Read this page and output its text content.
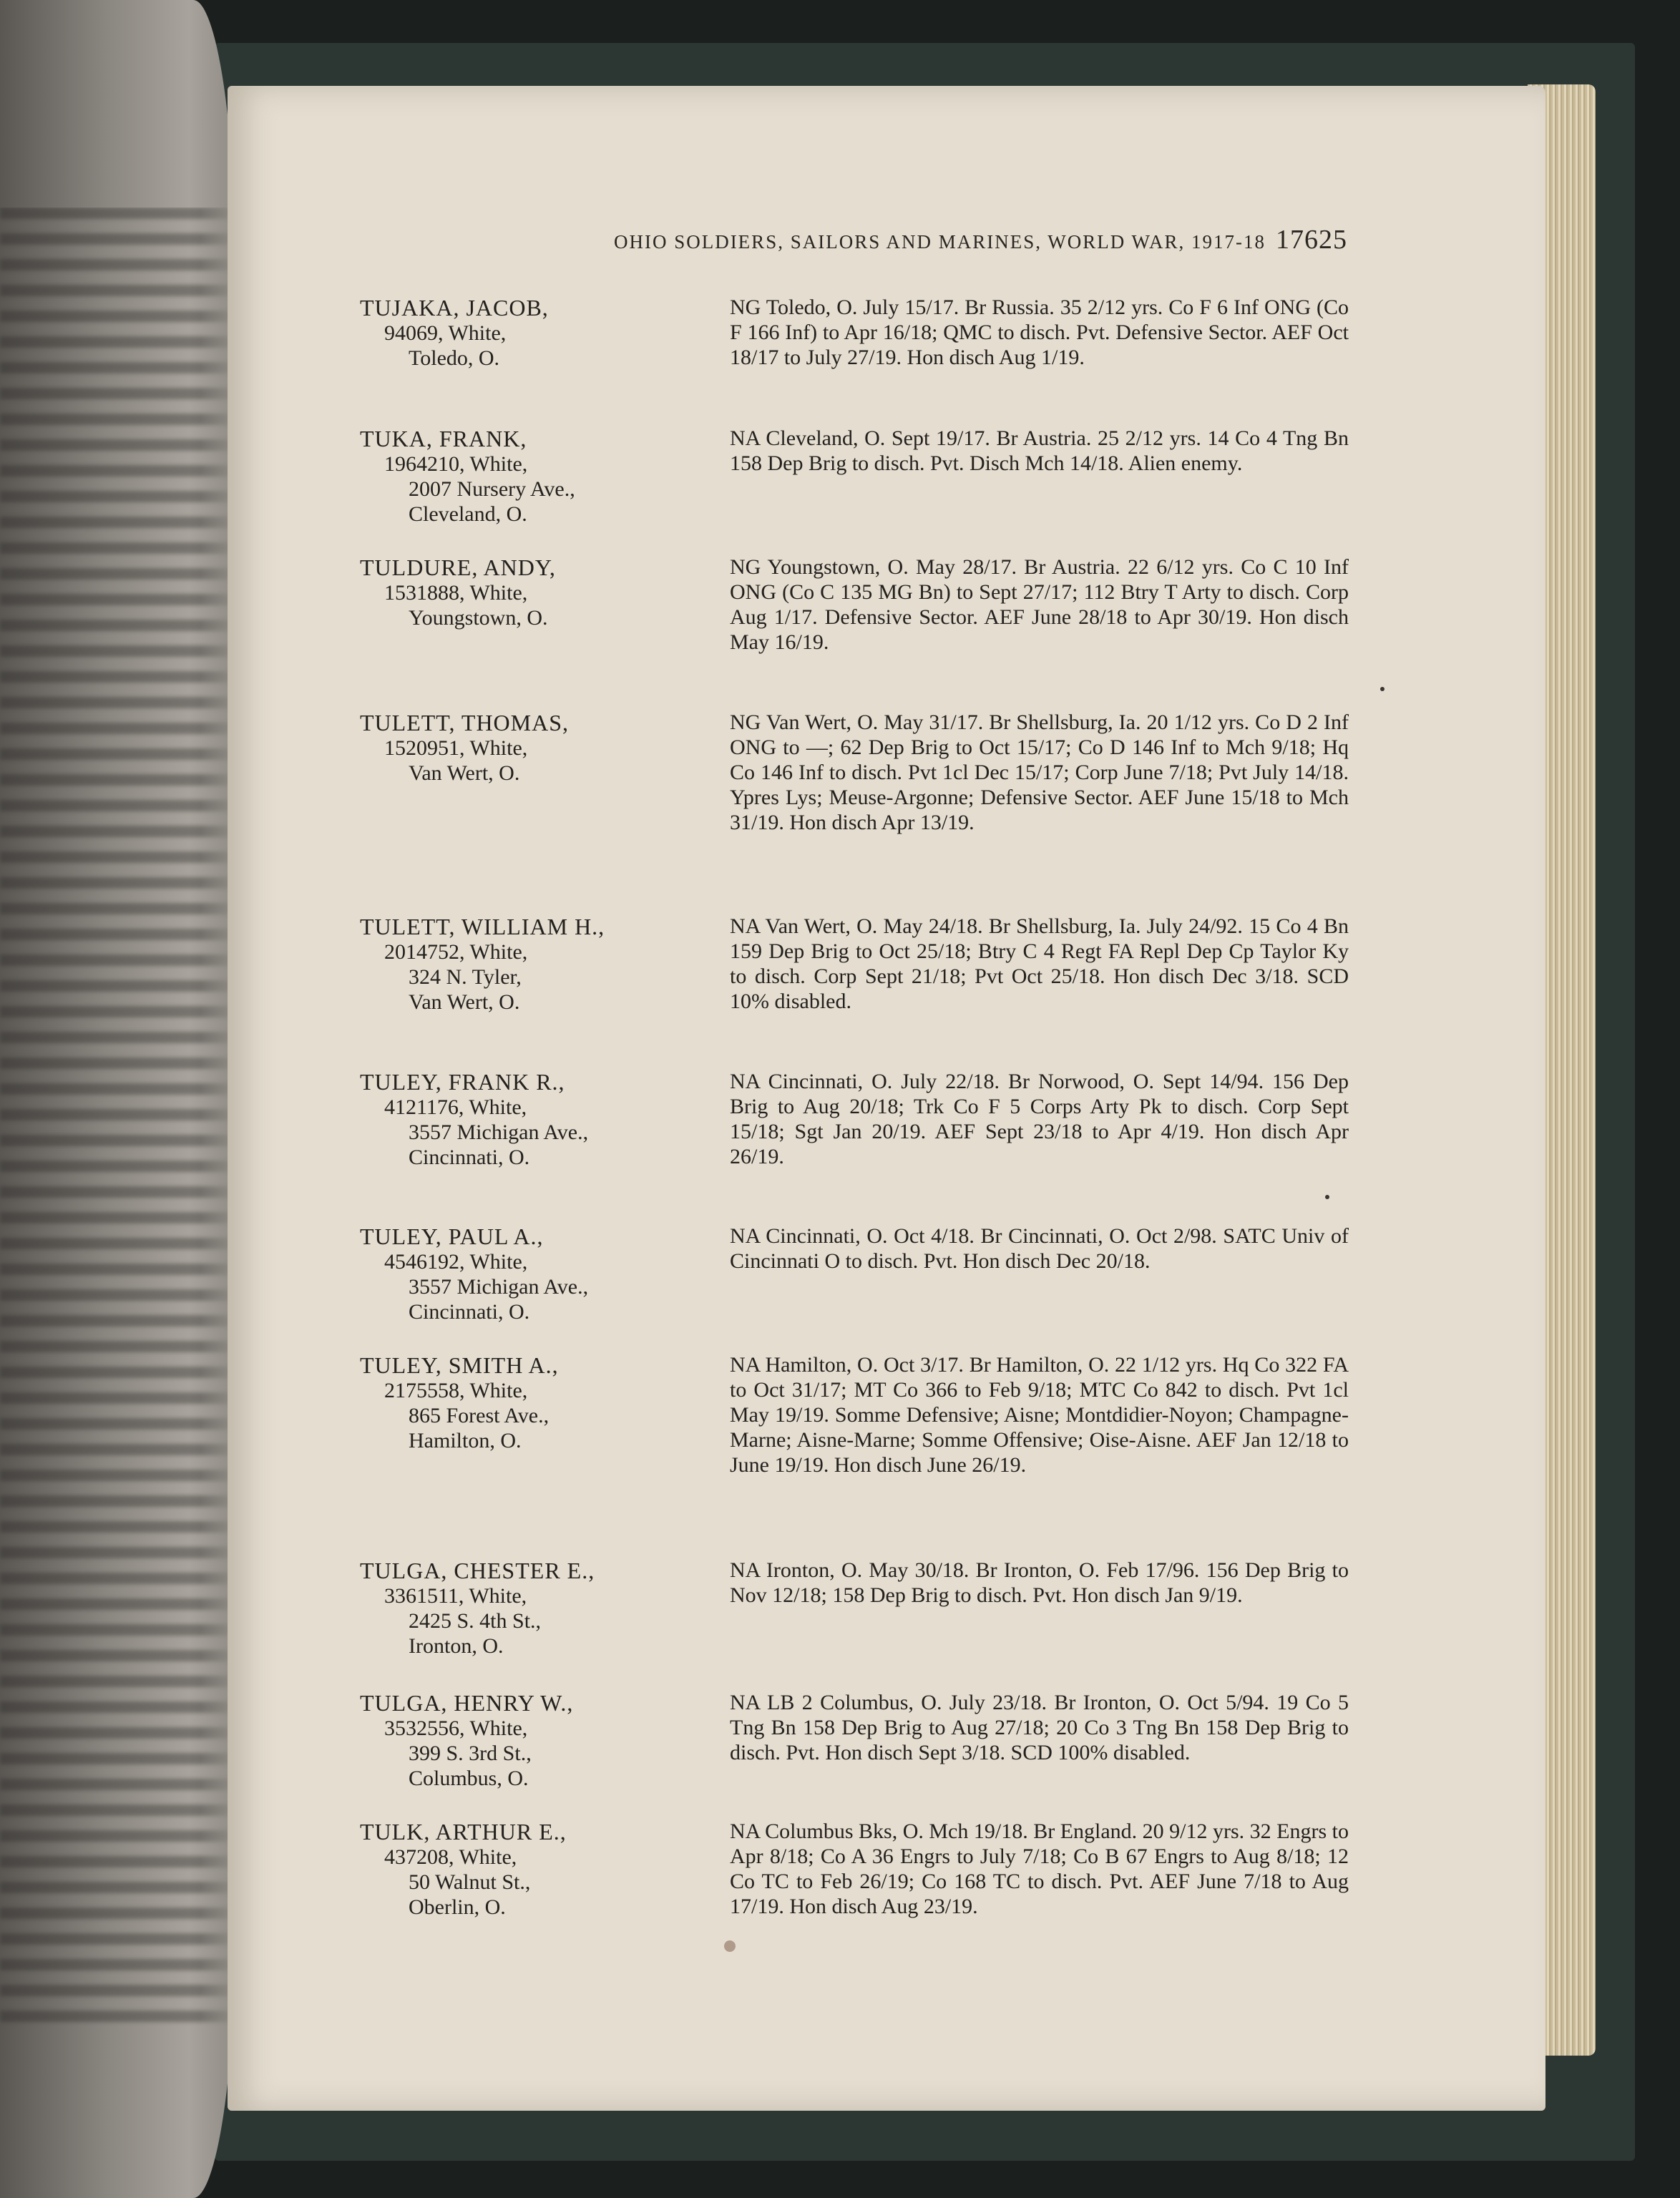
OHIO SOLDIERS, SAILORS AND MARINES, WORLD WAR, 1917-18 17625
TUJAKA, JACOB,
94069, White,
Toledo, O.
NG Toledo, O. July 15/17. Br Russia. 35 2/12 yrs. Co F 6 Inf ONG (Co F 166 Inf) to Apr 16/18; QMC to disch. Pvt. Defensive Sector. AEF Oct 18/17 to July 27/19. Hon disch Aug 1/19.
TUKA, FRANK,
1964210, White,
2007 Nursery Ave.,
Cleveland, O.
NA Cleveland, O. Sept 19/17. Br Austria. 25 2/12 yrs. 14 Co 4 Tng Bn 158 Dep Brig to disch. Pvt. Disch Mch 14/18. Alien enemy.
TULDURE, ANDY,
1531888, White,
Youngstown, O.
NG Youngstown, O. May 28/17. Br Austria. 22 6/12 yrs. Co C 10 Inf ONG (Co C 135 MG Bn) to Sept 27/17; 112 Btry T Arty to disch. Corp Aug 1/17. Defensive Sector. AEF June 28/18 to Apr 30/19. Hon disch May 16/19.
TULETT, THOMAS,
1520951, White,
Van Wert, O.
NG Van Wert, O. May 31/17. Br Shellsburg, Ia. 20 1/12 yrs. Co D 2 Inf ONG to —; 62 Dep Brig to Oct 15/17; Co D 146 Inf to Mch 9/18; Hq Co 146 Inf to disch. Pvt 1cl Dec 15/17; Corp June 7/18; Pvt July 14/18. Ypres Lys; Meuse-Argonne; Defensive Sector. AEF June 15/18 to Mch 31/19. Hon disch Apr 13/19.
TULETT, WILLIAM H.,
2014752, White,
324 N. Tyler,
Van Wert, O.
NA Van Wert, O. May 24/18. Br Shellsburg, Ia. July 24/92. 15 Co 4 Bn 159 Dep Brig to Oct 25/18; Btry C 4 Regt FA Repl Dep Cp Taylor Ky to disch. Corp Sept 21/18; Pvt Oct 25/18. Hon disch Dec 3/18. SCD 10% disabled.
TULEY, FRANK R.,
4121176, White,
3557 Michigan Ave.,
Cincinnati, O.
NA Cincinnati, O. July 22/18. Br Norwood, O. Sept 14/94. 156 Dep Brig to Aug 20/18; Trk Co F 5 Corps Arty Pk to disch. Corp Sept 15/18; Sgt Jan 20/19. AEF Sept 23/18 to Apr 4/19. Hon disch Apr 26/19.
TULEY, PAUL A.,
4546192, White,
3557 Michigan Ave.,
Cincinnati, O.
NA Cincinnati, O. Oct 4/18. Br Cincinnati, O. Oct 2/98. SATC Univ of Cincinnati O to disch. Pvt. Hon disch Dec 20/18.
TULEY, SMITH A.,
2175558, White,
865 Forest Ave.,
Hamilton, O.
NA Hamilton, O. Oct 3/17. Br Hamilton, O. 22 1/12 yrs. Hq Co 322 FA to Oct 31/17; MT Co 366 to Feb 9/18; MTC Co 842 to disch. Pvt 1cl May 19/19. Somme Defensive; Aisne; Montdidier-Noyon; Champagne-Marne; Aisne-Marne; Somme Offensive; Oise-Aisne. AEF Jan 12/18 to June 19/19. Hon disch June 26/19.
TULGA, CHESTER E.,
3361511, White,
2425 S. 4th St.,
Ironton, O.
NA Ironton, O. May 30/18. Br Ironton, O. Feb 17/96. 156 Dep Brig to Nov 12/18; 158 Dep Brig to disch. Pvt. Hon disch Jan 9/19.
TULGA, HENRY W.,
3532556, White,
399 S. 3rd St.,
Columbus, O.
NA LB 2 Columbus, O. July 23/18. Br Ironton, O. Oct 5/94. 19 Co 5 Tng Bn 158 Dep Brig to Aug 27/18; 20 Co 3 Tng Bn 158 Dep Brig to disch. Pvt. Hon disch Sept 3/18. SCD 100% disabled.
TULK, ARTHUR E.,
437208, White,
50 Walnut St.,
Oberlin, O.
NA Columbus Bks, O. Mch 19/18. Br England. 20 9/12 yrs. 32 Engrs to Apr 8/18; Co A 36 Engrs to July 7/18; Co B 67 Engrs to Aug 8/18; 12 Co TC to Feb 26/19; Co 168 TC to disch. Pvt. AEF June 7/18 to Aug 17/19. Hon disch Aug 23/19.
